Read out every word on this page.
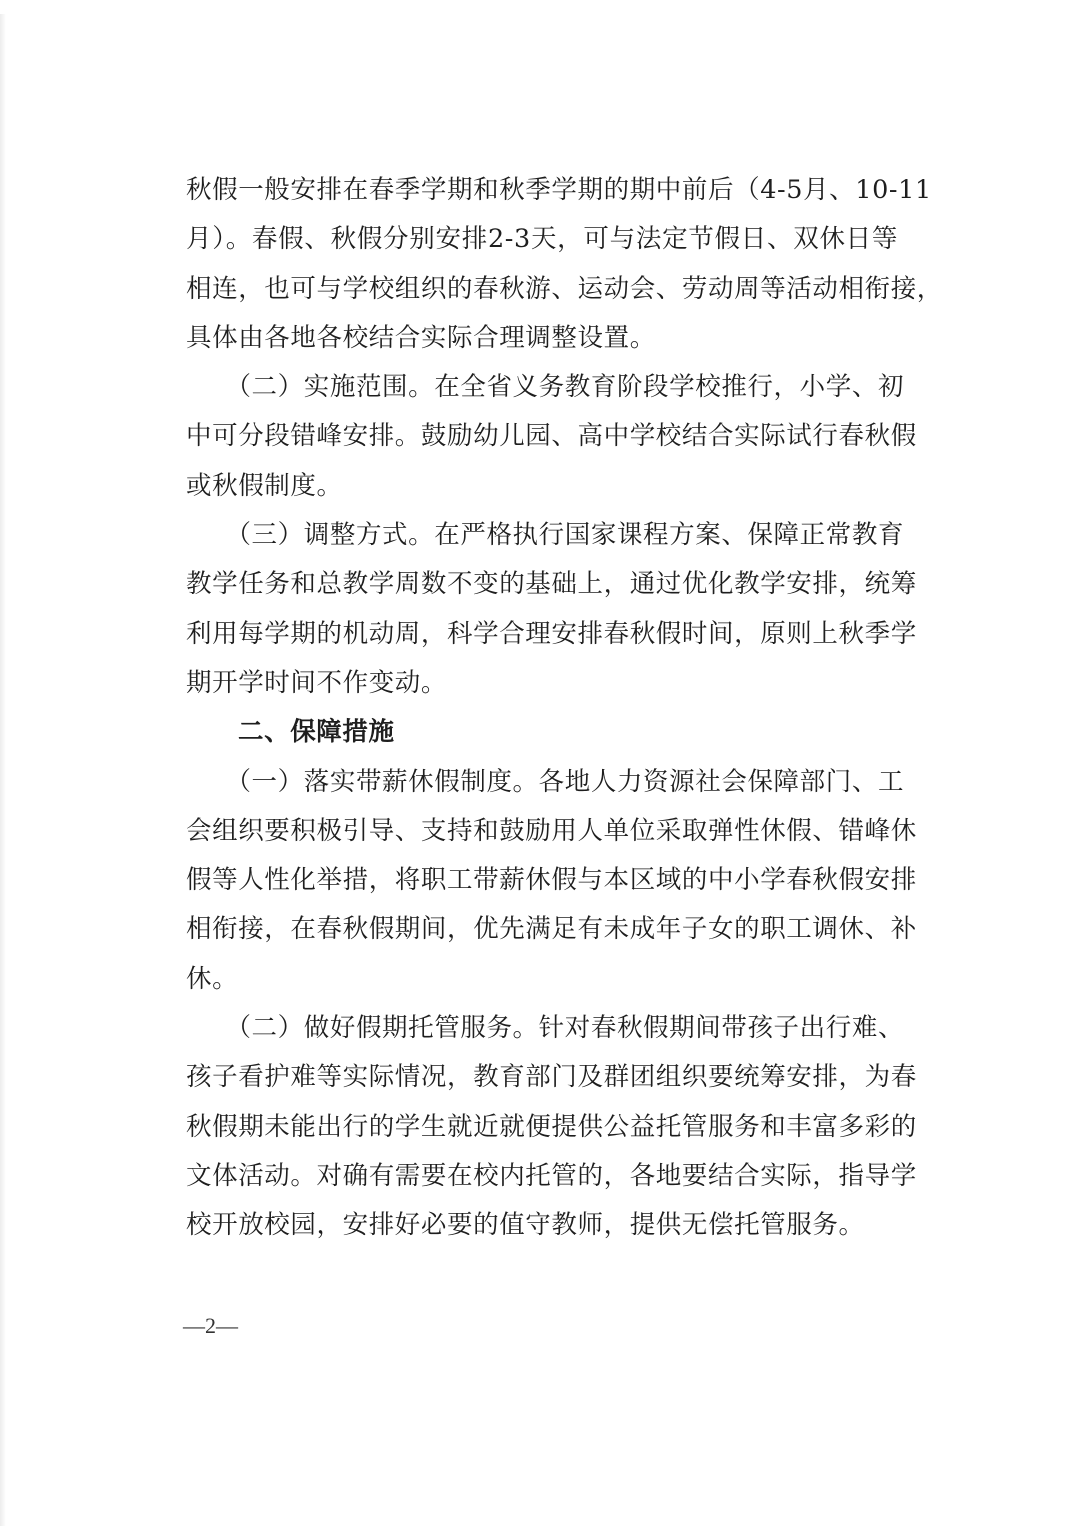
秋假一般安排在春季学期和秋季学期的期中前后（4-5月、10-11
月）。春假、秋假分别安排2-3天，可与法定节假日、双休日等
相连，也可与学校组织的春秋游、运动会、劳动周等活动相衔接，
具体由各地各校结合实际合理调整设置。
　　（二）实施范围。在全省义务教育阶段学校推行，小学、初
中可分段错峰安排。鼓励幼儿园、高中学校结合实际试行春秋假
或秋假制度。
　　（三）调整方式。在严格执行国家课程方案、保障正常教育
教学任务和总教学周数不变的基础上，通过优化教学安排，统筹
利用每学期的机动周，科学合理安排春秋假时间，原则上秋季学
期开学时间不作变动。
二、保障措施
　　（一）落实带薪休假制度。各地人力资源社会保障部门、工
会组织要积极引导、支持和鼓励用人单位采取弹性休假、错峰休
假等人性化举措，将职工带薪休假与本区域的中小学春秋假安排
相衔接，在春秋假期间，优先满足有未成年子女的职工调休、补
休。
　　（二）做好假期托管服务。针对春秋假期间带孩子出行难、
孩子看护难等实际情况，教育部门及群团组织要统筹安排，为春
秋假期未能出行的学生就近就便提供公益托管服务和丰富多彩的
文体活动。对确有需要在校内托管的，各地要结合实际，指导学
校开放校园，安排好必要的值守教师，提供无偿托管服务。
—2—
